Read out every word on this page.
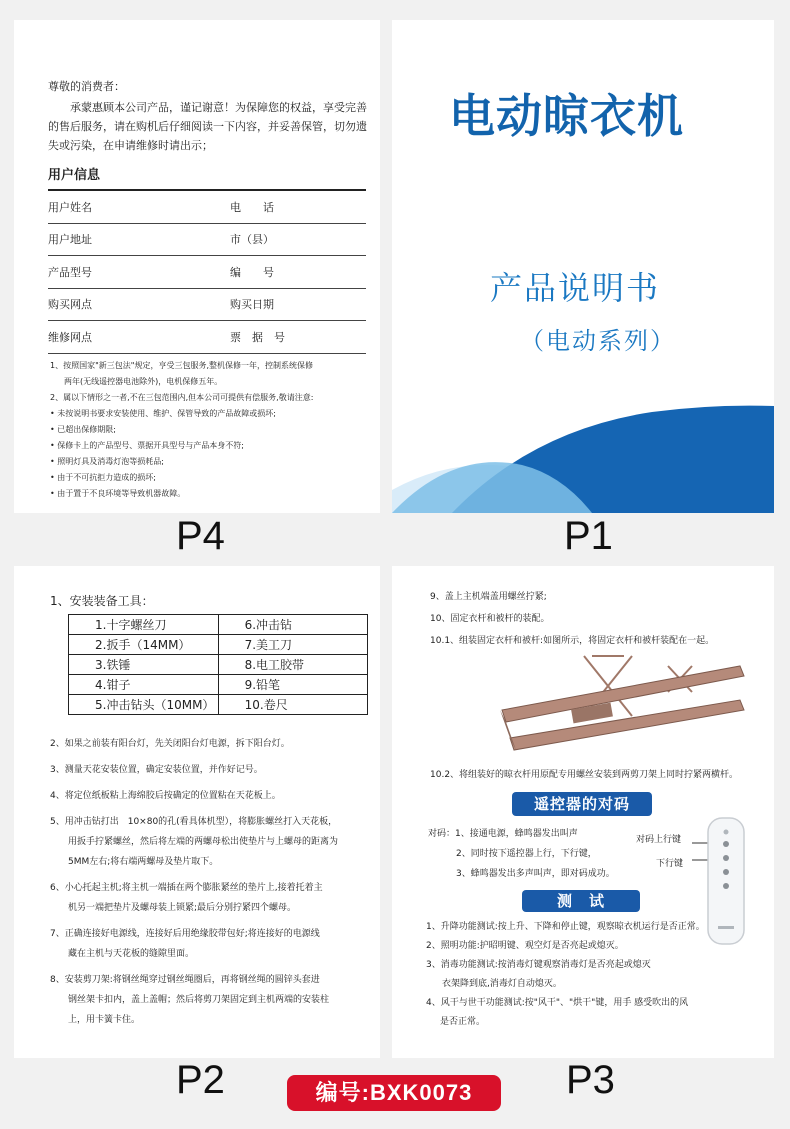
尊敬的消费者：
承蒙惠顾本公司产品，谨记谢意！为保障您的权益，享受完善的售后服务，请在购机后仔细阅读一下内容，并妥善保管，切勿遗失或污染，在申请维修时请出示；
用户信息
用户姓名	电　　话
用户地址	市（县）
产品型号	编　　号
购买网点	购买日期
维修网点	票　据　号
1、按照国家"新三包法"规定，亨受三包服务,整机保修一年，控制系统保修
两年(无线遥控器电池除外)，电机保修五年。
2、属以下情形之一者,不在三包范围内,但本公司可提供有偿服务,敬请注意:
• 未按说明书要求安装使用、维护、保管导致的产品故障或损坏;
• 已超出保修期限;
• 保修卡上的产品型号、票据开具型号与产品本身不符;
• 照明灯具及消毒灯泡等损耗品;
• 由于不可抗拒力造成的损坏;
• 由于置于不良环境等导致机器故障。
P4
电动晾衣机
产品说明书
（电动系列）
P1
1、安装装备工具：
1.十字螺丝刀	6.冲击钻
2.扳手（14MM）	7.美工刀
3.铁锤	8.电工胶带
4.钳子	9.铅笔
5.冲击钻头（10MM）	10.卷尺
2、如果之前装有阳台灯，先关闭阳台灯电源，拆下阳台灯。
3、测量天花安装位置，确定安装位置，并作好记号。
4、将定位纸板粘上海绵胶后按确定的位置粘在天花板上。
5、用冲击钻打出　10×80的孔(看具体机型），将膨胀螺丝打入天花板，
用扳手拧紧螺丝，然后将左端的两螺母松出使垫片与上螺母的距离为
5MM左右;将右端两螺母及垫片取下。
6、小心托起主机;将主机一端插在两个膨胀紧丝的垫片上,接着托着主
机另一端把垫片及螺母装上锁紧;最后分别拧紧四个螺母。
7、正确连接好电源线，连接好后用绝缘胶带包好;将连接好的电源线
藏在主机与天花板的缝隙里面。
8、安装剪刀架:将钢丝绳穿过钢丝绳圈后，再将钢丝绳的圆锌头套进
钢丝架卡扣内，盖上盖帽；然后将剪刀架固定到主机两端的安装柱
上，用卡簧卡住。
P2
9、盖上主机端盖用螺丝拧紧;
10、固定衣杆和被杆的装配。
10.1、组装固定衣杆和被杆:如图所示，将固定衣杆和被杆装配在一起。
10.2、将组装好的晾衣杆用原配专用螺丝安装到两剪刀架上同时拧紧两横杆。
遥控器的对码
对码：1、接通电源，蜂鸣器发出叫声
2、同时按下遥控器上行，下行键，
3、蜂鸣器发出多声叫声，即对码成功。
对码上行键
下行键
测　试
1、升降功能测试:按上升、下降和停止键，观察晾衣机运行是否正常。
2、照明功能:护昭明键、观空灯是否亮起或熄灭。
3、消毒功能测试:按消毒灯键观察消毒灯是否亮起或熄灭
衣架降到底,消毒灯自动熄灭。
4、风干与世干功能测试:按"风干"、"烘干"键，用手 感受吹出的风
是否正常。
P3
编号:BXK0073
